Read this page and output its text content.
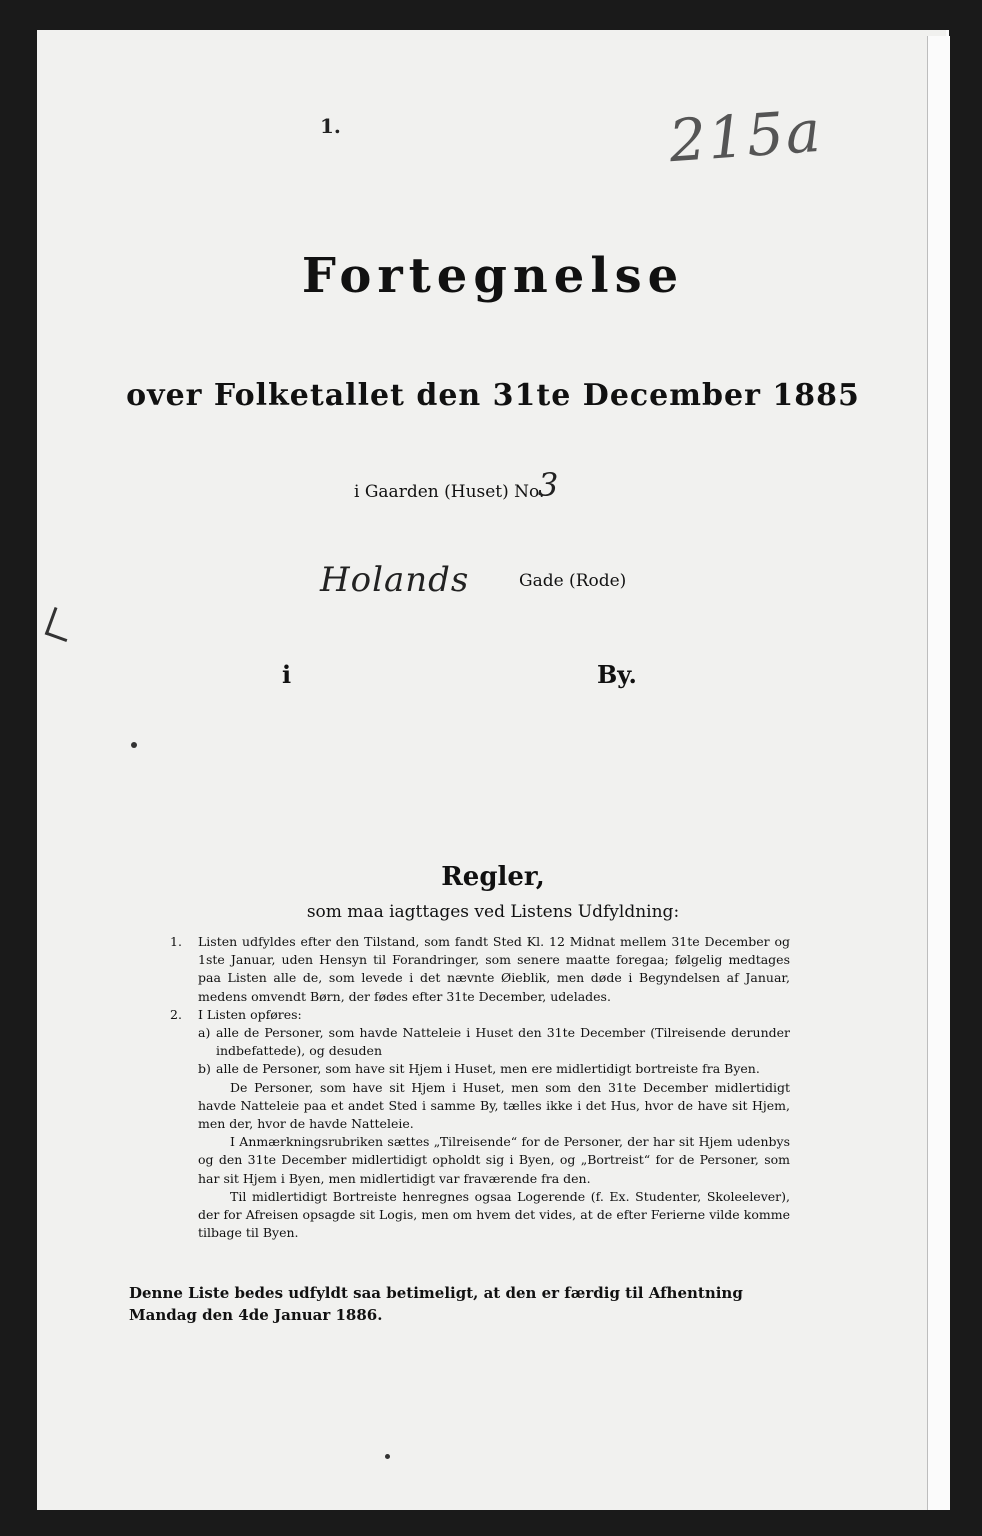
215a
1.
Fortegnelse
over Folketallet den 31te December 1885
i Gaarden (Huset) No.
3
Holands	Gade (Rode)
i	By.
Regler,
som maa iagttages ved Listens Udfyldning:
1. Listen udfyldes efter den Tilstand, som fandt Sted Kl. 12 Midnat mellem 31te December og 1ste Januar, uden Hensyn til Forandringer, som senere maatte foregaa; følgelig medtages paa Listen alle de, som levede i det nævnte Øieblik, men døde i Begyndelsen af Januar, medens omvendt Børn, der fødes efter 31te December, udelades.
2. I Listen opføres:
a) alle de Personer, som havde Natteleie i Huset den 31te December (Tilreisende derunder indbefattede), og desuden
b) alle de Personer, som have sit Hjem i Huset, men ere midlertidigt bortreiste fra Byen.
De Personer, som have sit Hjem i Huset, men som den 31te December midlertidigt havde Natteleie paa et andet Sted i samme By, tælles ikke i det Hus, hvor de have sit Hjem, men der, hvor de havde Natteleie.
I Anmærkningsrubriken sættes „Tilreisende“ for de Personer, der har sit Hjem udenbys og den 31te December midlertidigt opholdt sig i Byen, og „Bortreist“ for de Personer, som har sit Hjem i Byen, men midlertidigt var fraværende fra den.
Til midlertidigt Bortreiste henregnes ogsaa Logerende (f. Ex. Studenter, Skoleelever), der for Afreisen opsagde sit Logis, men om hvem det vides, at de efter Ferierne vilde komme tilbage til Byen.
Denne Liste bedes udfyldt saa betimeligt, at den er færdig til Afhentning
Mandag den 4de Januar 1886.
